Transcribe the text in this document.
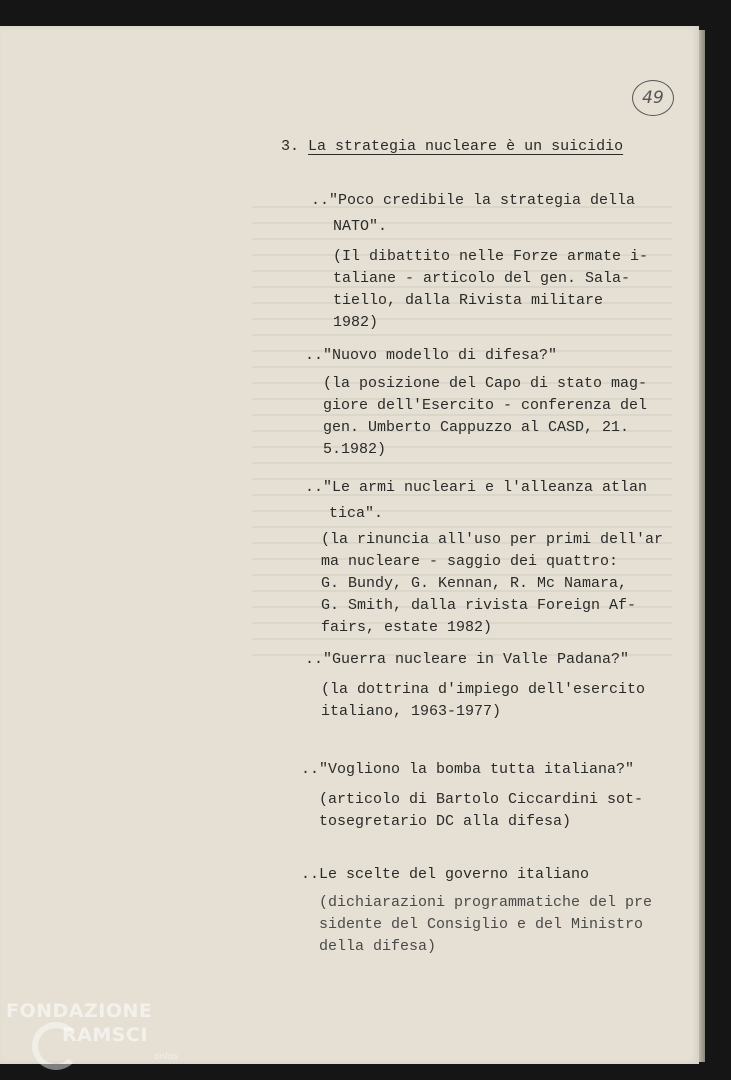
49
3. La strategia nucleare è un suicidio
.."Poco credibile la strategia della
NATO".
(Il dibattito nelle Forze armate i-
taliane - articolo del gen. Sala-
tiello, dalla Rivista militare
1982)
.."Nuovo modello di difesa?"
(la posizione del Capo di stato mag-
giore dell'Esercito - conferenza del
gen. Umberto Cappuzzo al CASD, 21.
5.1982)
.."Le armi nucleari e l'alleanza atlan
tica".
(la rinuncia all'uso per primi dell'ar
ma nucleare - saggio dei quattro:
G. Bundy, G. Kennan, R. Mc Namara,
G. Smith, dalla rivista Foreign Af-
fairs, estate 1982)
.."Guerra nucleare in Valle Padana?"
(la dottrina d'impiego dell'esercito
italiano, 1963-1977)
.."Vogliono la bomba tutta italiana?"
(articolo di Bartolo Ciccardini sot-
tosegretario DC alla difesa)
..Le scelte del governo italiano
(dichiarazioni programmatiche del pre
sidente del Consiglio e del Ministro
della difesa)
FONDAZIONE
RAMSCI
onlus
